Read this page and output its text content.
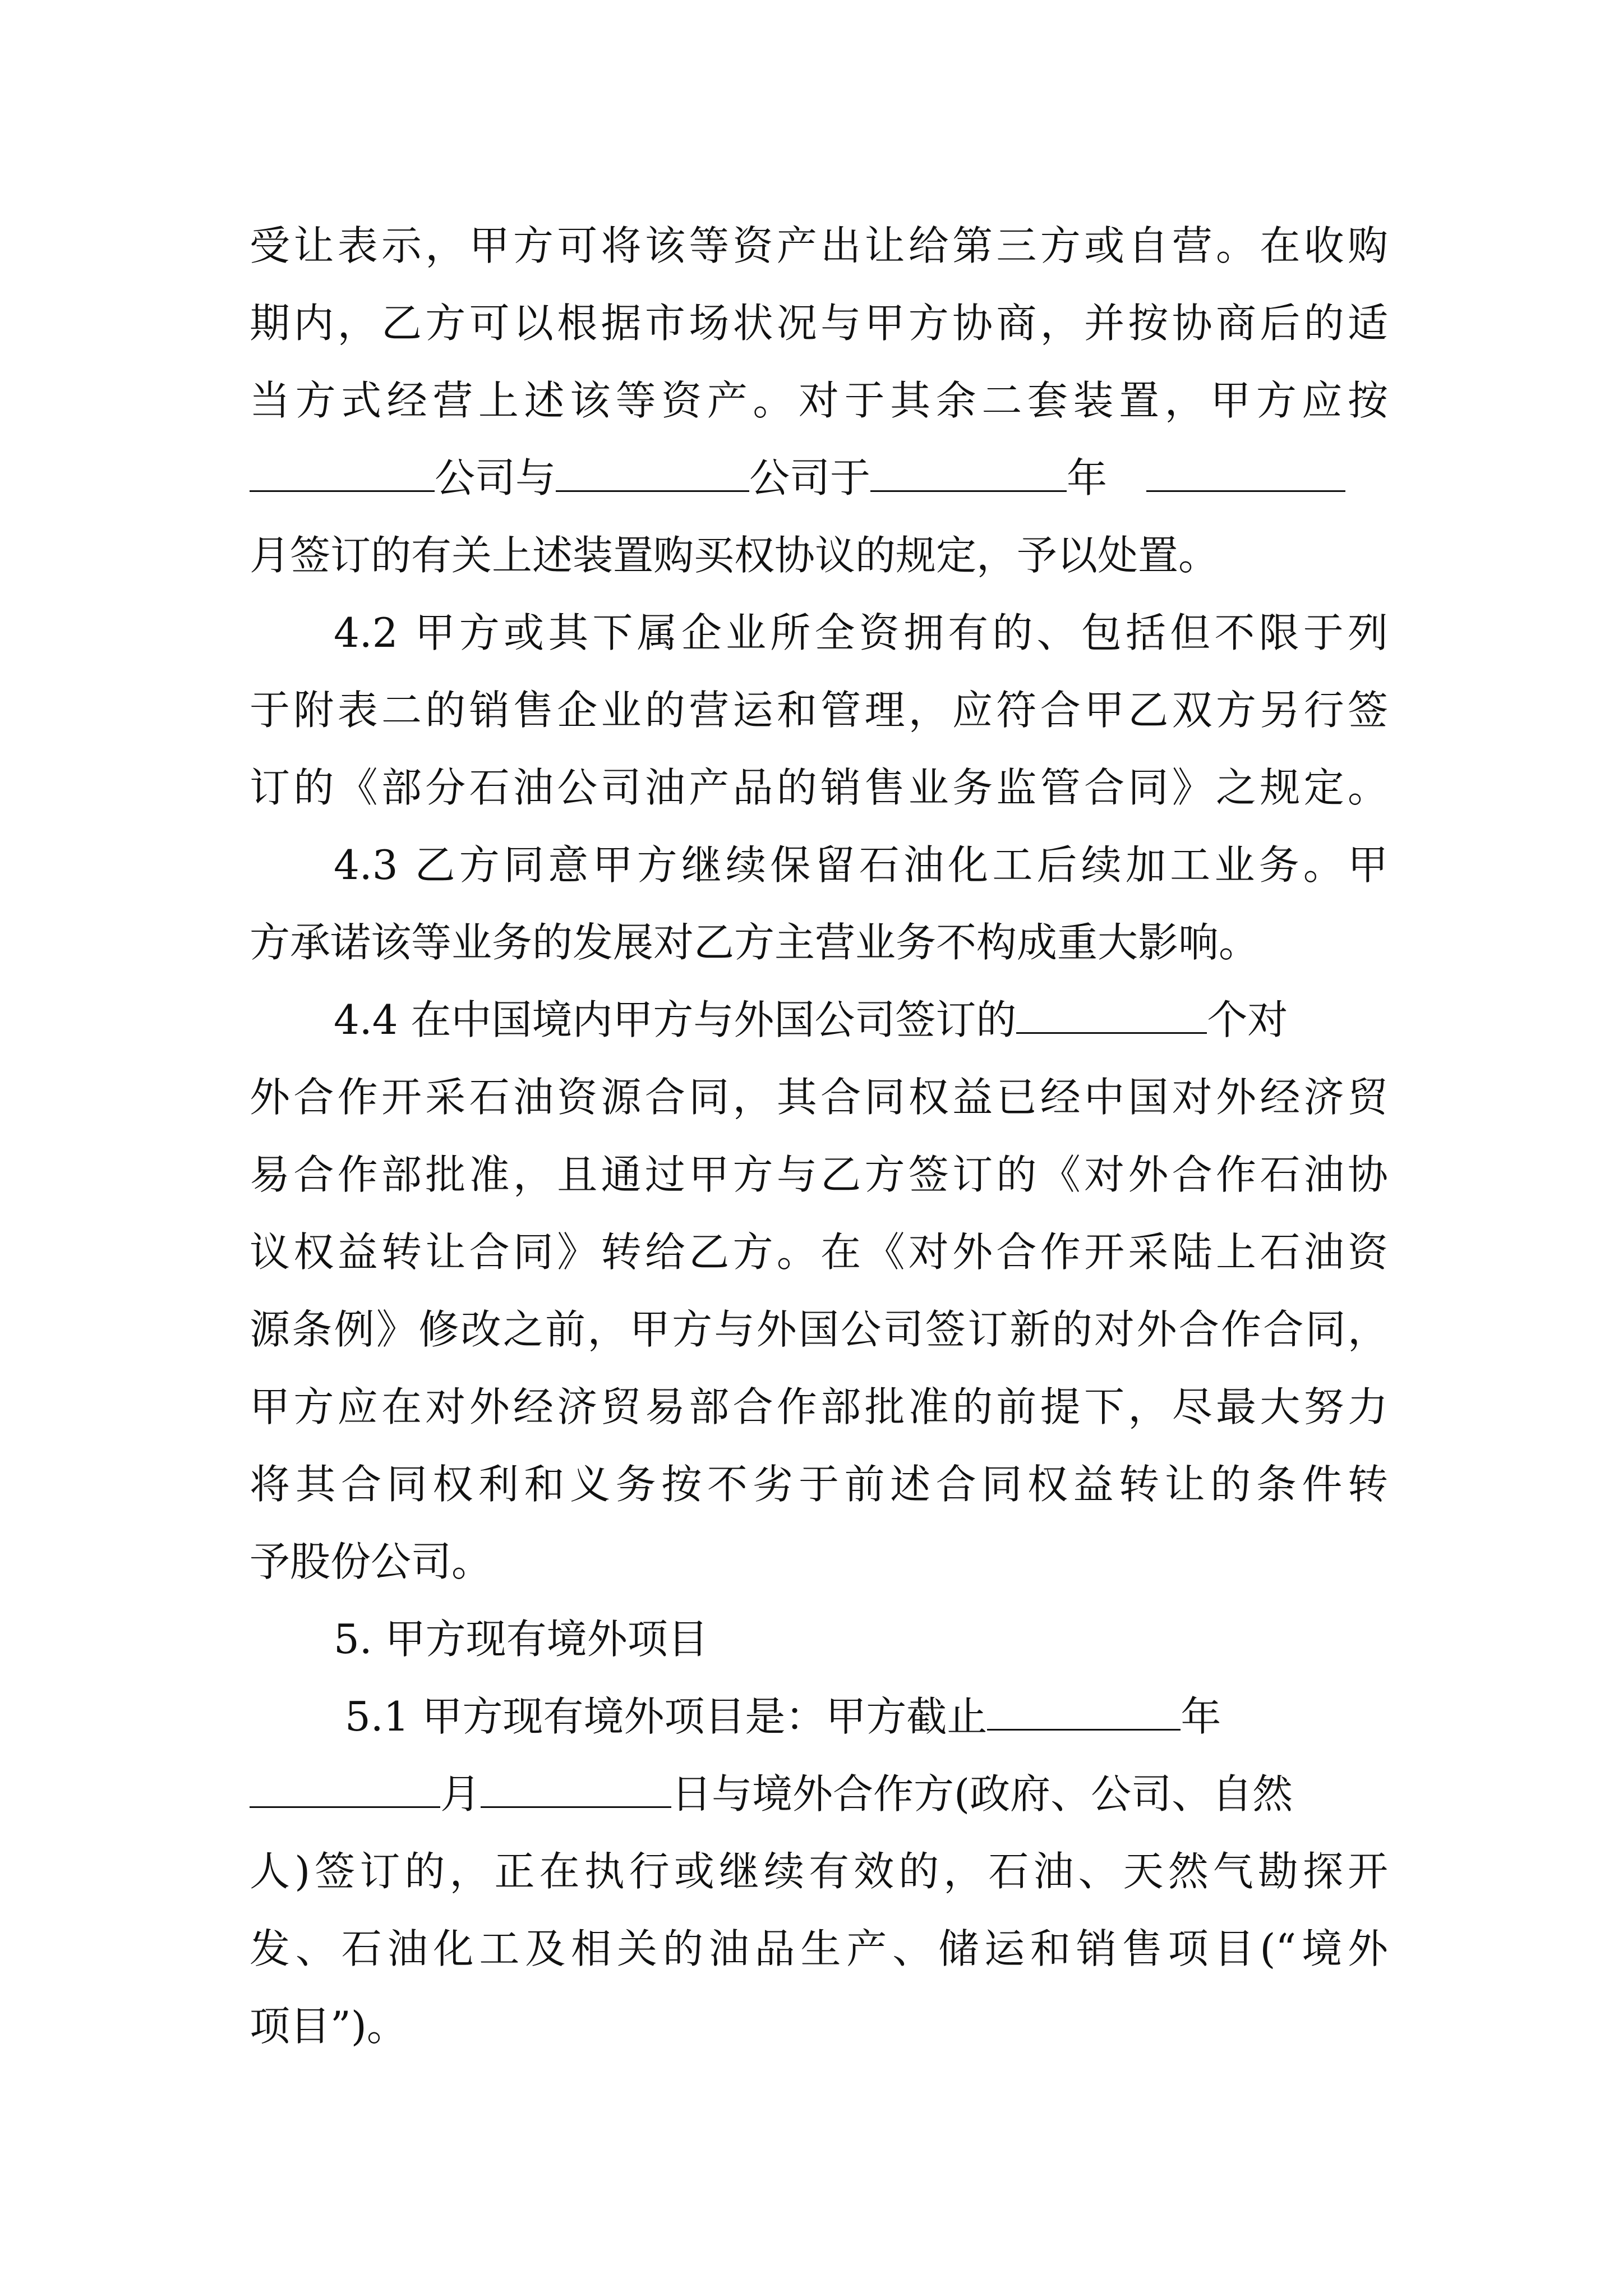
受让表示，甲方可将该等资产出让给第三方或自营。在收购
期内，乙方可以根据市场状况与甲方协商，并按协商后的适
当方式经营上述该等资产。对于其余二套装置，甲方应按
公司与	公司于	年
月签订的有关上述装置购买权协议的规定，予以处置。
4.2 甲方或其下属企业所全资拥有的、包括但不限于列
于附表二的销售企业的营运和管理，应符合甲乙双方另行签
订的《部分石油公司油产品的销售业务监管合同》之规定。
4.3 乙方同意甲方继续保留石油化工后续加工业务。甲
方承诺该等业务的发展对乙方主营业务不构成重大影响。
4.4 在中国境内甲方与外国公司签订的	个对
外合作开采石油资源合同，其合同权益已经中国对外经济贸
易合作部批准，且通过甲方与乙方签订的《对外合作石油协
议权益转让合同》转给乙方。在《对外合作开采陆上石油资
源条例》修改之前，甲方与外国公司签订新的对外合作合同，
甲方应在对外经济贸易部合作部批准的前提下，尽最大努力
将其合同权利和义务按不劣于前述合同权益转让的条件转
予股份公司。
5. 甲方现有境外项目
5.1 甲方现有境外项目是：甲方截止	年
月	日与境外合作方(政府、公司、自然
人)签订的，正在执行或继续有效的，石油、天然气勘探开
发、石油化工及相关的油品生产、储运和销售项目(“境外
项目”)。
